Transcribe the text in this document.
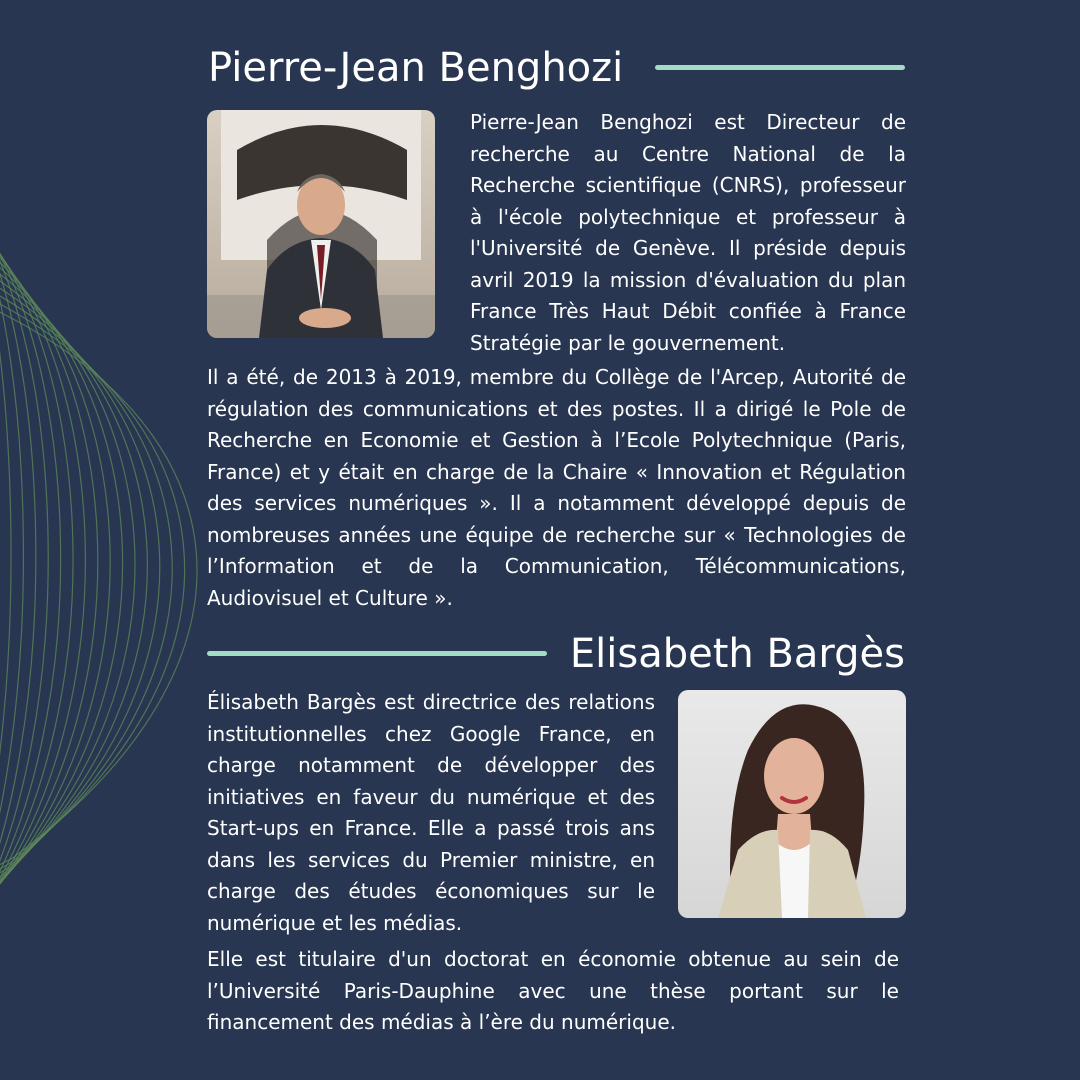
Pierre-Jean Benghozi

Pierre-Jean Benghozi est Directeur de recherche au Centre National de la Recherche scientifique (CNRS), professeur à l'école polytechnique et professeur à l'Université de Genève. Il préside depuis avril 2019 la mission d'évaluation du plan France Très Haut Débit confiée à France Stratégie par le gouvernement.

Il a été, de 2013 à 2019, membre du Collège de l'Arcep, Autorité de régulation des communications et des postes. Il a dirigé le Pole de Recherche en Economie et Gestion à l’Ecole Polytechnique (Paris, France) et y était en charge de la Chaire « Innovation et Régulation des services numériques ». Il a notamment développé depuis de nombreuses années une équipe de recherche sur « Technologies de l’Information et de la Communication, Télécommunications, Audiovisuel et Culture ».

Elisabeth Bargès

Élisabeth Bargès est directrice des relations institutionnelles chez Google France, en charge notamment de développer des initiatives en faveur du numérique et des Start-ups en France. Elle a passé trois ans dans les services du Premier ministre, en charge des études économiques sur le numérique et les médias.

Elle est titulaire d'un doctorat en économie obtenue au sein de l’Université Paris-Dauphine avec une thèse portant sur le financement des médias à l’ère du numérique.
